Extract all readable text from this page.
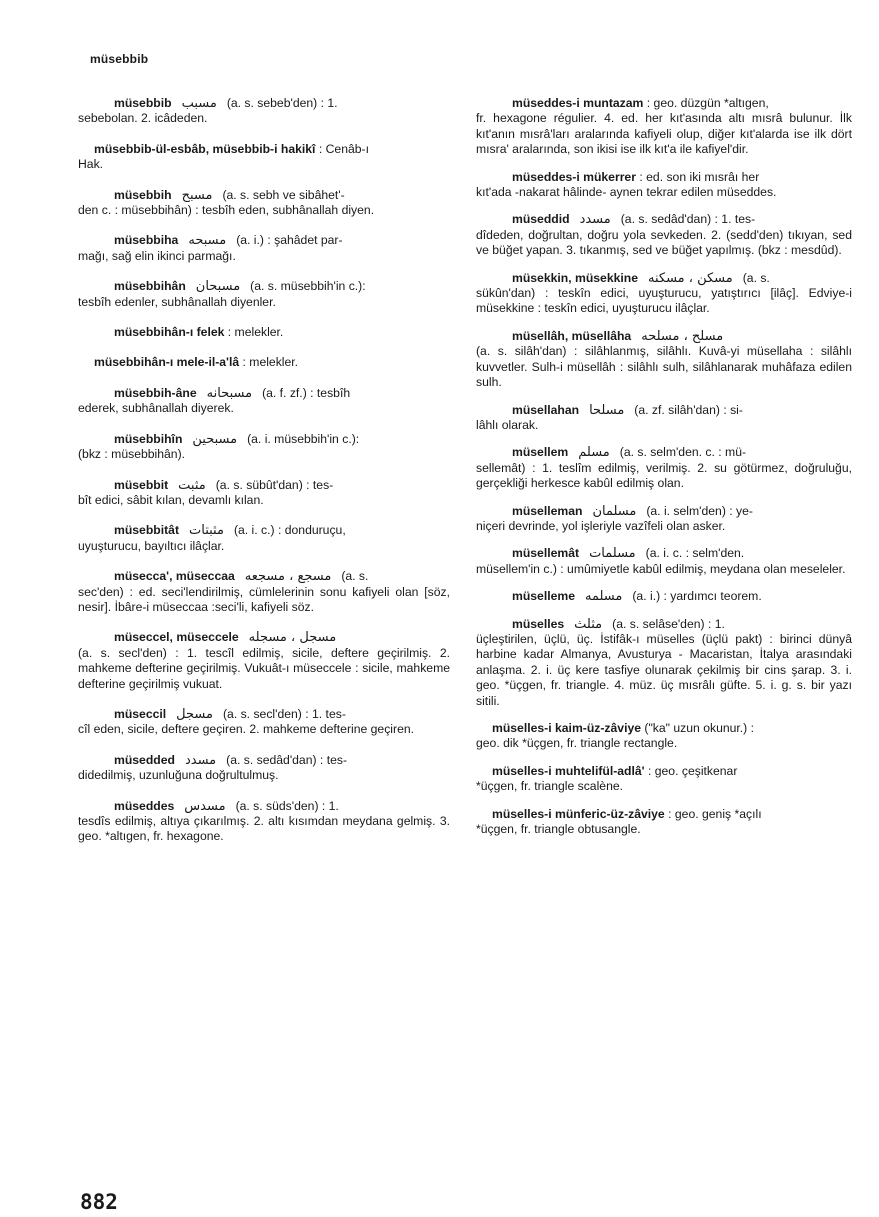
müsebbib

müsebbib مسبب (a. s. sebeb'den) : 1.

sebebolan. 2. icâdeden.

müsebbib-ül-esbâb, müsebbib-i hakikî : Cenâb-ı

Hak.

müsebbih مسبح (a. s. sebh ve sibâhet'-

den c. : müsebbihân) : tesbîh eden, subhânallah diyen.

müsebbiha مسبحه (a. i.) : şahâdet par-

mağı, sağ elin ikinci parmağı.

müsebbihân مسبحان (a. s. müsebbih'in c.):

tesbîh edenler, subhânallah diyenler.

müsebbihân-ı felek : melekler.

müsebbihân-ı mele-il-a'lâ : melekler.

müsebbih-âne مسبحانه (a. f. zf.) : tesbîh

ederek, subhânallah diyerek.

müsebbihîn مسبحين (a. i. müsebbih'in c.):

(bkz : müsebbihân).

müsebbit مثبت (a. s. sübût'dan) : tes-

bît edici, sâbit kılan, devamlı kılan.

müsebbitât مثبتات (a. i. c.) : donduruçu,

uyuşturucu, bayıltıcı ilâçlar.

müsecca', müseccaa مسجع ، مسجعه (a. s.

sec'den) : ed. seci'lendirilmiş, cümlelerinin sonu kafiyeli olan [söz, nesir]. İbâre-i müseccaa :seci'li, kafiyeli söz.

müseccel, müseccele مسجل ، مسجله

(a. s. secl'den) : 1. tescîl edilmiş, sicile, deftere geçirilmiş. 2. mahkeme defterine geçirilmiş. Vukuât-ı müseccele : sicile, mahkeme defterine geçirilmiş vukuat.

müseccil مسجل (a. s. secl'den) : 1. tes-

cîl eden, sicile, deftere geçiren. 2. mahkeme defterine geçiren.

müsedded مسدد (a. s. sedâd'dan) : tes-

didedilmiş, uzunluğuna doğrultulmuş.

müseddes مسدس (a. s. süds'den) : 1.

tesdîs edilmiş, altıya çıkarılmış. 2. altı kısımdan meydana gelmiş. 3. geo. *altıgen, fr. hexagone.

müseddes-i muntazam : geo. düzgün *altıgen,

fr. hexagone régulier. 4. ed. her kıt'asında altı mısrâ bulunur. İlk kıt'anın mısrâ'ları aralarında kafiyeli olup, diğer kıt'alarda ise ilk dört mısra' aralarında, son ikisi ise ilk kıt'a ile kafiyel'dir.

müseddes-i mükerrer : ed. son iki mısrâı her

kıt'ada -nakarat hâlinde- aynen tekrar edilen müseddes.

müseddid مسدد (a. s. sedâd'dan) : 1. tes-

dîdeden, doğrultan, doğru yola sevkeden. 2. (sedd'den) tıkıyan, sed ve büğet yapan. 3. tıkanmış, sed ve büğet yapılmış. (bkz : mesdûd).

müsekkin, müsekkine مسكن ، مسكنه (a. s.

sükûn'dan) : teskîn edici, uyuşturucu, yatıştırıcı [ilâç]. Edviye-i müsekkine : teskîn edici, uyuşturucu ilâçlar.

müsellâh, müsellâha مسلح ، مسلحه

(a. s. silâh'dan) : silâhlanmış, silâhlı. Kuvâ-yi müsellaha : silâhlı kuvvetler. Sulh-i müsellâh : silâhlı sulh, silâhlanarak muhâfaza edilen sulh.

müsellahan مسلحا (a. zf. silâh'dan) : si-

lâhlı olarak.

müsellem مسلم (a. s. selm'den. c. : mü-

sellemât) : 1. teslîm edilmiş, verilmiş. 2. su götürmez, doğruluğu, gerçekliği herkesce kabûl edilmiş olan.

müselleman مسلمان (a. i. selm'den) : ye-

niçeri devrinde, yol işleriyle vazîfeli olan asker.

müsellemât مسلمات (a. i. c. : selm'den.

müsellem'in c.) : umûmiyetle kabûl edilmiş, meydana olan meseleler.

müselleme مسلمه (a. i.) : yardımcı teorem.

müselles مثلث (a. s. selâse'den) : 1.

üçleştirilen, üçlü, üç. İstifâk-ı müselles (üçlü pakt) : birinci dünyâ harbine kadar Almanya, Avusturya - Macaristan, İtalya arasındaki anlaşma. 2. i. üç kere tasfiye olunarak çekilmiş bir cins şarap. 3. i. geo. *üçgen, fr. triangle. 4. müz. üç mısrâlı güfte. 5. i. g. s. bir yazı sitili.

müselles-i kaim-üz-zâviye ("ka" uzun okunur.) :

geo. dik *üçgen, fr. triangle rectangle.

müselles-i muhtelifül-adlâ' : geo. çeşitkenar

*üçgen, fr. triangle scalène.

müselles-i münferic-üz-zâviye : geo. geniş *açılı

*üçgen, fr. triangle obtusangle.

882
